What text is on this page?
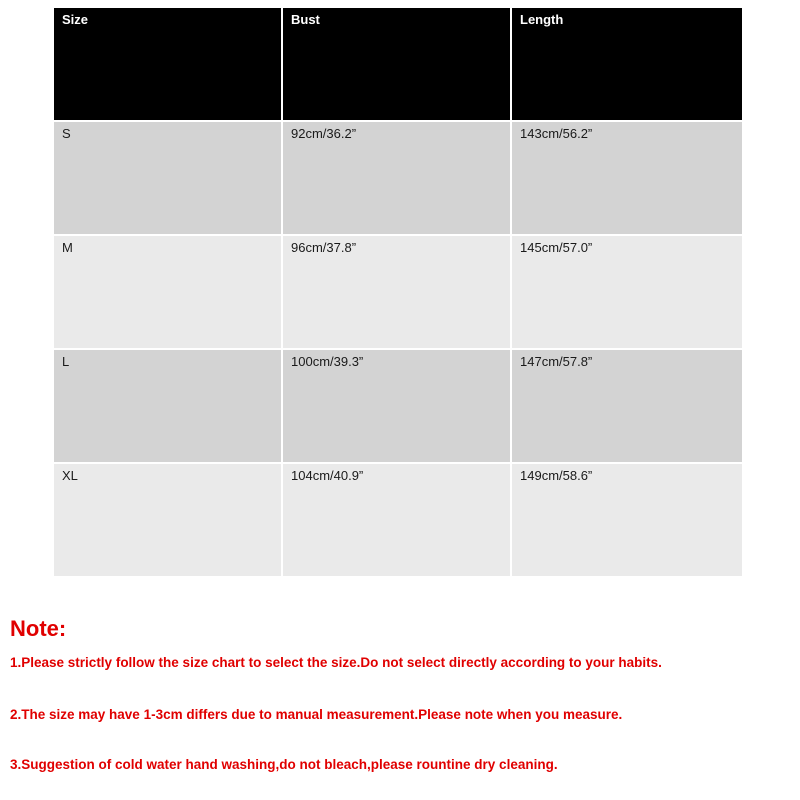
Size	Bust	Length
S	92cm/36.2”	143cm/56.2”
M	96cm/37.8”	145cm/57.0”
L	100cm/39.3”	147cm/57.8”
XL	104cm/40.9”	149cm/58.6”
Note:

1.Please strictly follow the size chart to select the size.Do not select directly according to your habits.

2.The size may have 1-3cm differs due to manual measurement.Please note when you measure.

3.Suggestion of cold water hand washing,do not bleach,please rountine dry cleaning.
